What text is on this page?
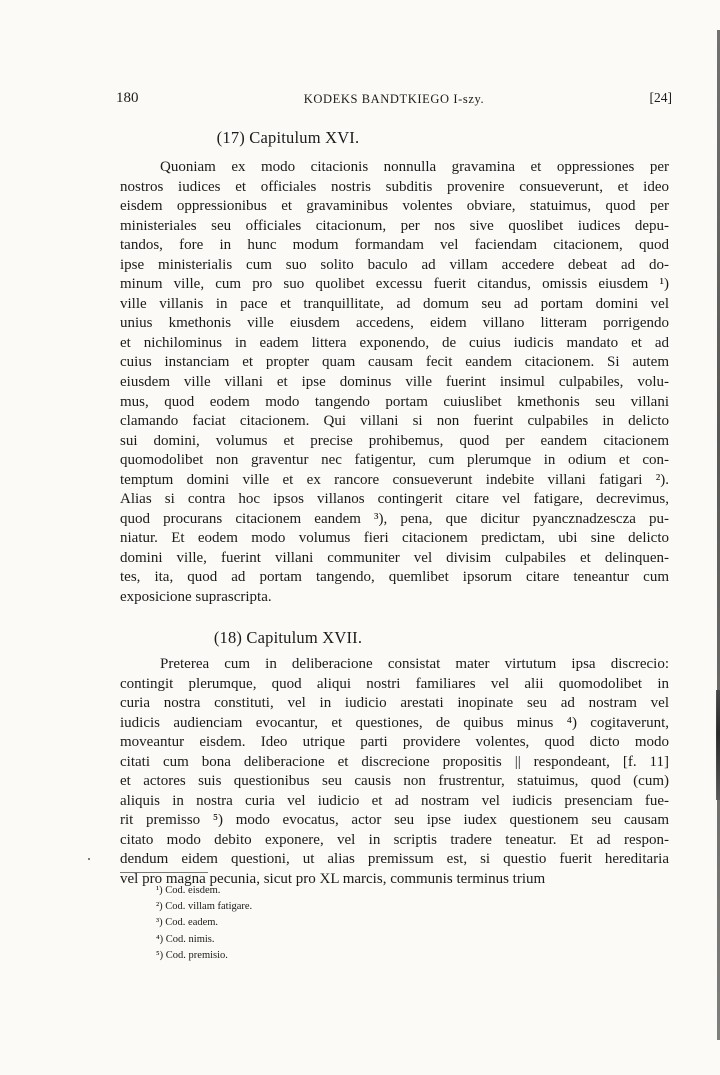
180	KODEKS BANDTKIEGO I-szy.	[24]
(17) Capitulum XVI.
Quoniam ex modo citacionis nonnulla gravamina et oppressiones per
nostros iudices et officiales nostris subditis provenire consueverunt, et ideo
eisdem oppressionibus et gravaminibus volentes obviare, statuimus, quod per
ministeriales seu officiales citacionum, per nos sive quoslibet iudices depu-
tandos, fore in hunc modum formandam vel faciendam citacionem, quod
ipse ministerialis cum suo solito baculo ad villam accedere debeat ad do-
minum ville, cum pro suo quolibet excessu fuerit citandus, omissis eiusdem ¹)
ville villanis in pace et tranquillitate, ad domum seu ad portam domini vel
unius kmethonis ville eiusdem accedens, eidem villano litteram porrigendo
et nichilominus in eadem littera exponendo, de cuius iudicis mandato et ad
cuius instanciam et propter quam causam fecit eandem citacionem. Si autem
eiusdem ville villani et ipse dominus ville fuerint insimul culpabiles, volu-
mus, quod eodem modo tangendo portam cuiuslibet kmethonis seu villani
clamando faciat citacionem. Qui villani si non fuerint culpabiles in delicto
sui domini, volumus et precise prohibemus, quod per eandem citacionem
quomodolibet non graventur nec fatigentur, cum plerumque in odium et con-
temptum domini ville et ex rancore consueverunt indebite villani fatigari ²).
Alias si contra hoc ipsos villanos contingerit citare vel fatigare, decrevimus,
quod procurans citacionem eandem ³), pena, que dicitur pyancznadzescza pu-
niatur. Et eodem modo volumus fieri citacionem predictam, ubi sine delicto
domini ville, fuerint villani communiter vel divisim culpabiles et delinquen-
tes, ita, quod ad portam tangendo, quemlibet ipsorum citare teneantur cum
exposicione suprascripta.
(18) Capitulum XVII.
Preterea cum in deliberacione consistat mater virtutum ipsa discrecio:
contingit plerumque, quod aliqui nostri familiares vel alii quomodolibet in
curia nostra constituti, vel in iudicio arestati inopinate seu ad nostram vel
iudicis audienciam evocantur, et questiones, de quibus minus ⁴) cogitaverunt,
moveantur eisdem. Ideo utrique parti providere volentes, quod dicto modo
citati cum bona deliberacione et discrecione propositis || respondeant, [f. 11]
et actores suis questionibus seu causis non frustrentur, statuimus, quod (cum)
aliquis in nostra curia vel iudicio et ad nostram vel iudicis presenciam fue-
rit premisso ⁵) modo evocatus, actor seu ipse iudex questionem seu causam
citato modo debito exponere, vel in scriptis tradere teneatur. Et ad respon-
dendum eidem questioni, ut alias premissum est, si questio fuerit hereditaria
vel pro magna pecunia, sicut pro XL marcis, communis terminus trium
¹) Cod. eisdem.
²) Cod. villam fatigare.
³) Cod. eadem.
⁴) Cod. nimis.
⁵) Cod. premisio.
